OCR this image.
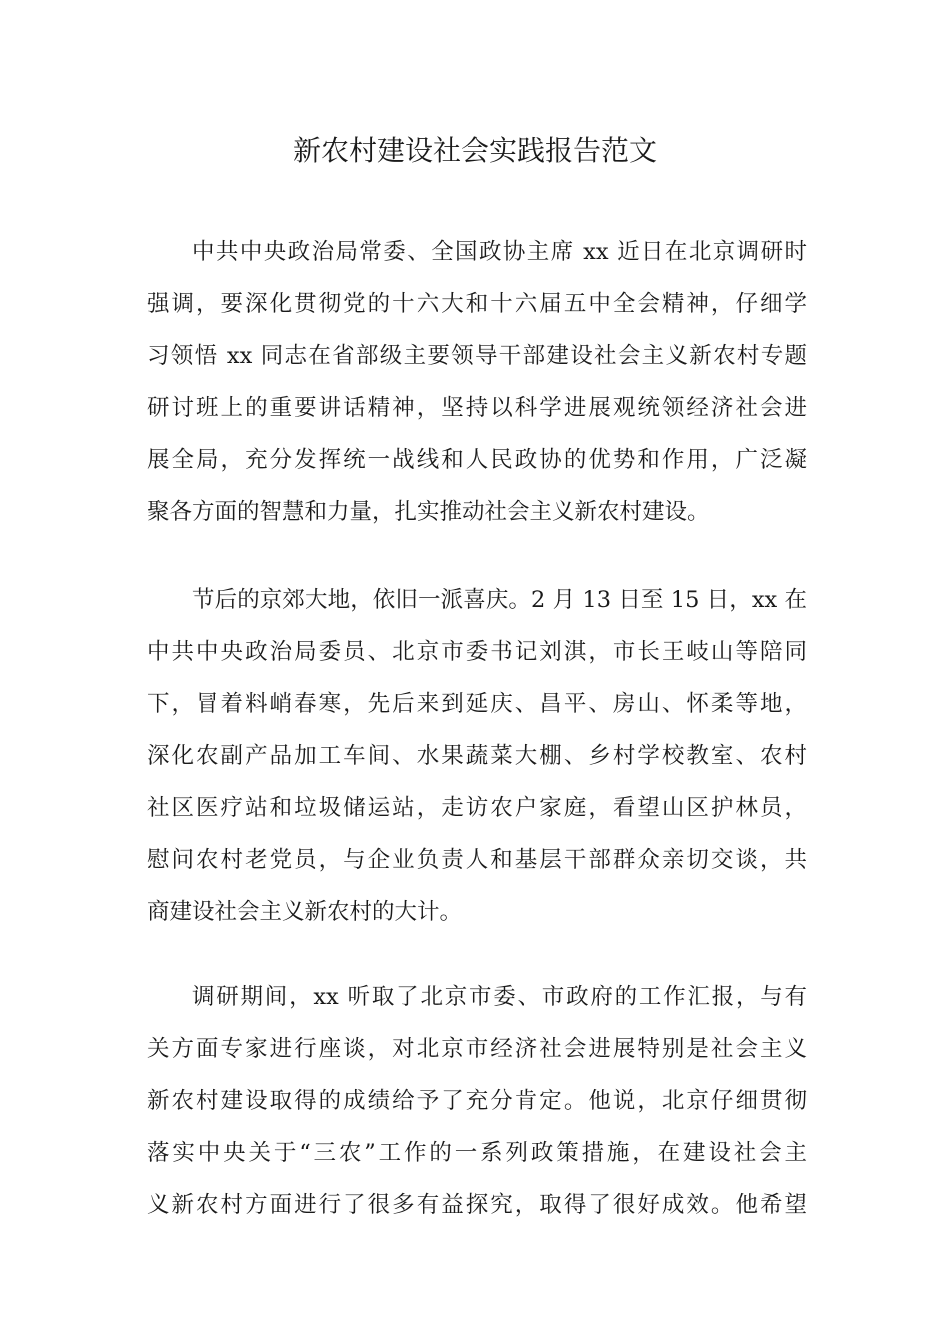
新农村建设社会实践报告范文
中共中央政治局常委、全国政协主席 xx 近日在北京调研时
强调，要深化贯彻党的十六大和十六届五中全会精神，仔细学
习领悟 xx 同志在省部级主要领导干部建设社会主义新农村专题
研讨班上的重要讲话精神，坚持以科学进展观统领经济社会进
展全局，充分发挥统一战线和人民政协的优势和作用，广泛凝
聚各方面的智慧和力量，扎实推动社会主义新农村建设。
节后的京郊大地，依旧一派喜庆。2 月 13 日至 15 日，xx 在
中共中央政治局委员、北京市委书记刘淇，市长王岐山等陪同
下，冒着料峭春寒，先后来到延庆、昌平、房山、怀柔等地，
深化农副产品加工车间、水果蔬菜大棚、乡村学校教室、农村
社区医疗站和垃圾储运站，走访农户家庭，看望山区护林员，
慰问农村老党员，与企业负责人和基层干部群众亲切交谈，共
商建设社会主义新农村的大计。
调研期间，xx 听取了北京市委、市政府的工作汇报，与有
关方面专家进行座谈，对北京市经济社会进展特别是社会主义
新农村建设取得的成绩给予了充分肯定。他说，北京仔细贯彻
落实中央关于“三农”工作的一系列政策措施，在建设社会主
义新农村方面进行了很多有益探究，取得了很好成效。他希望
